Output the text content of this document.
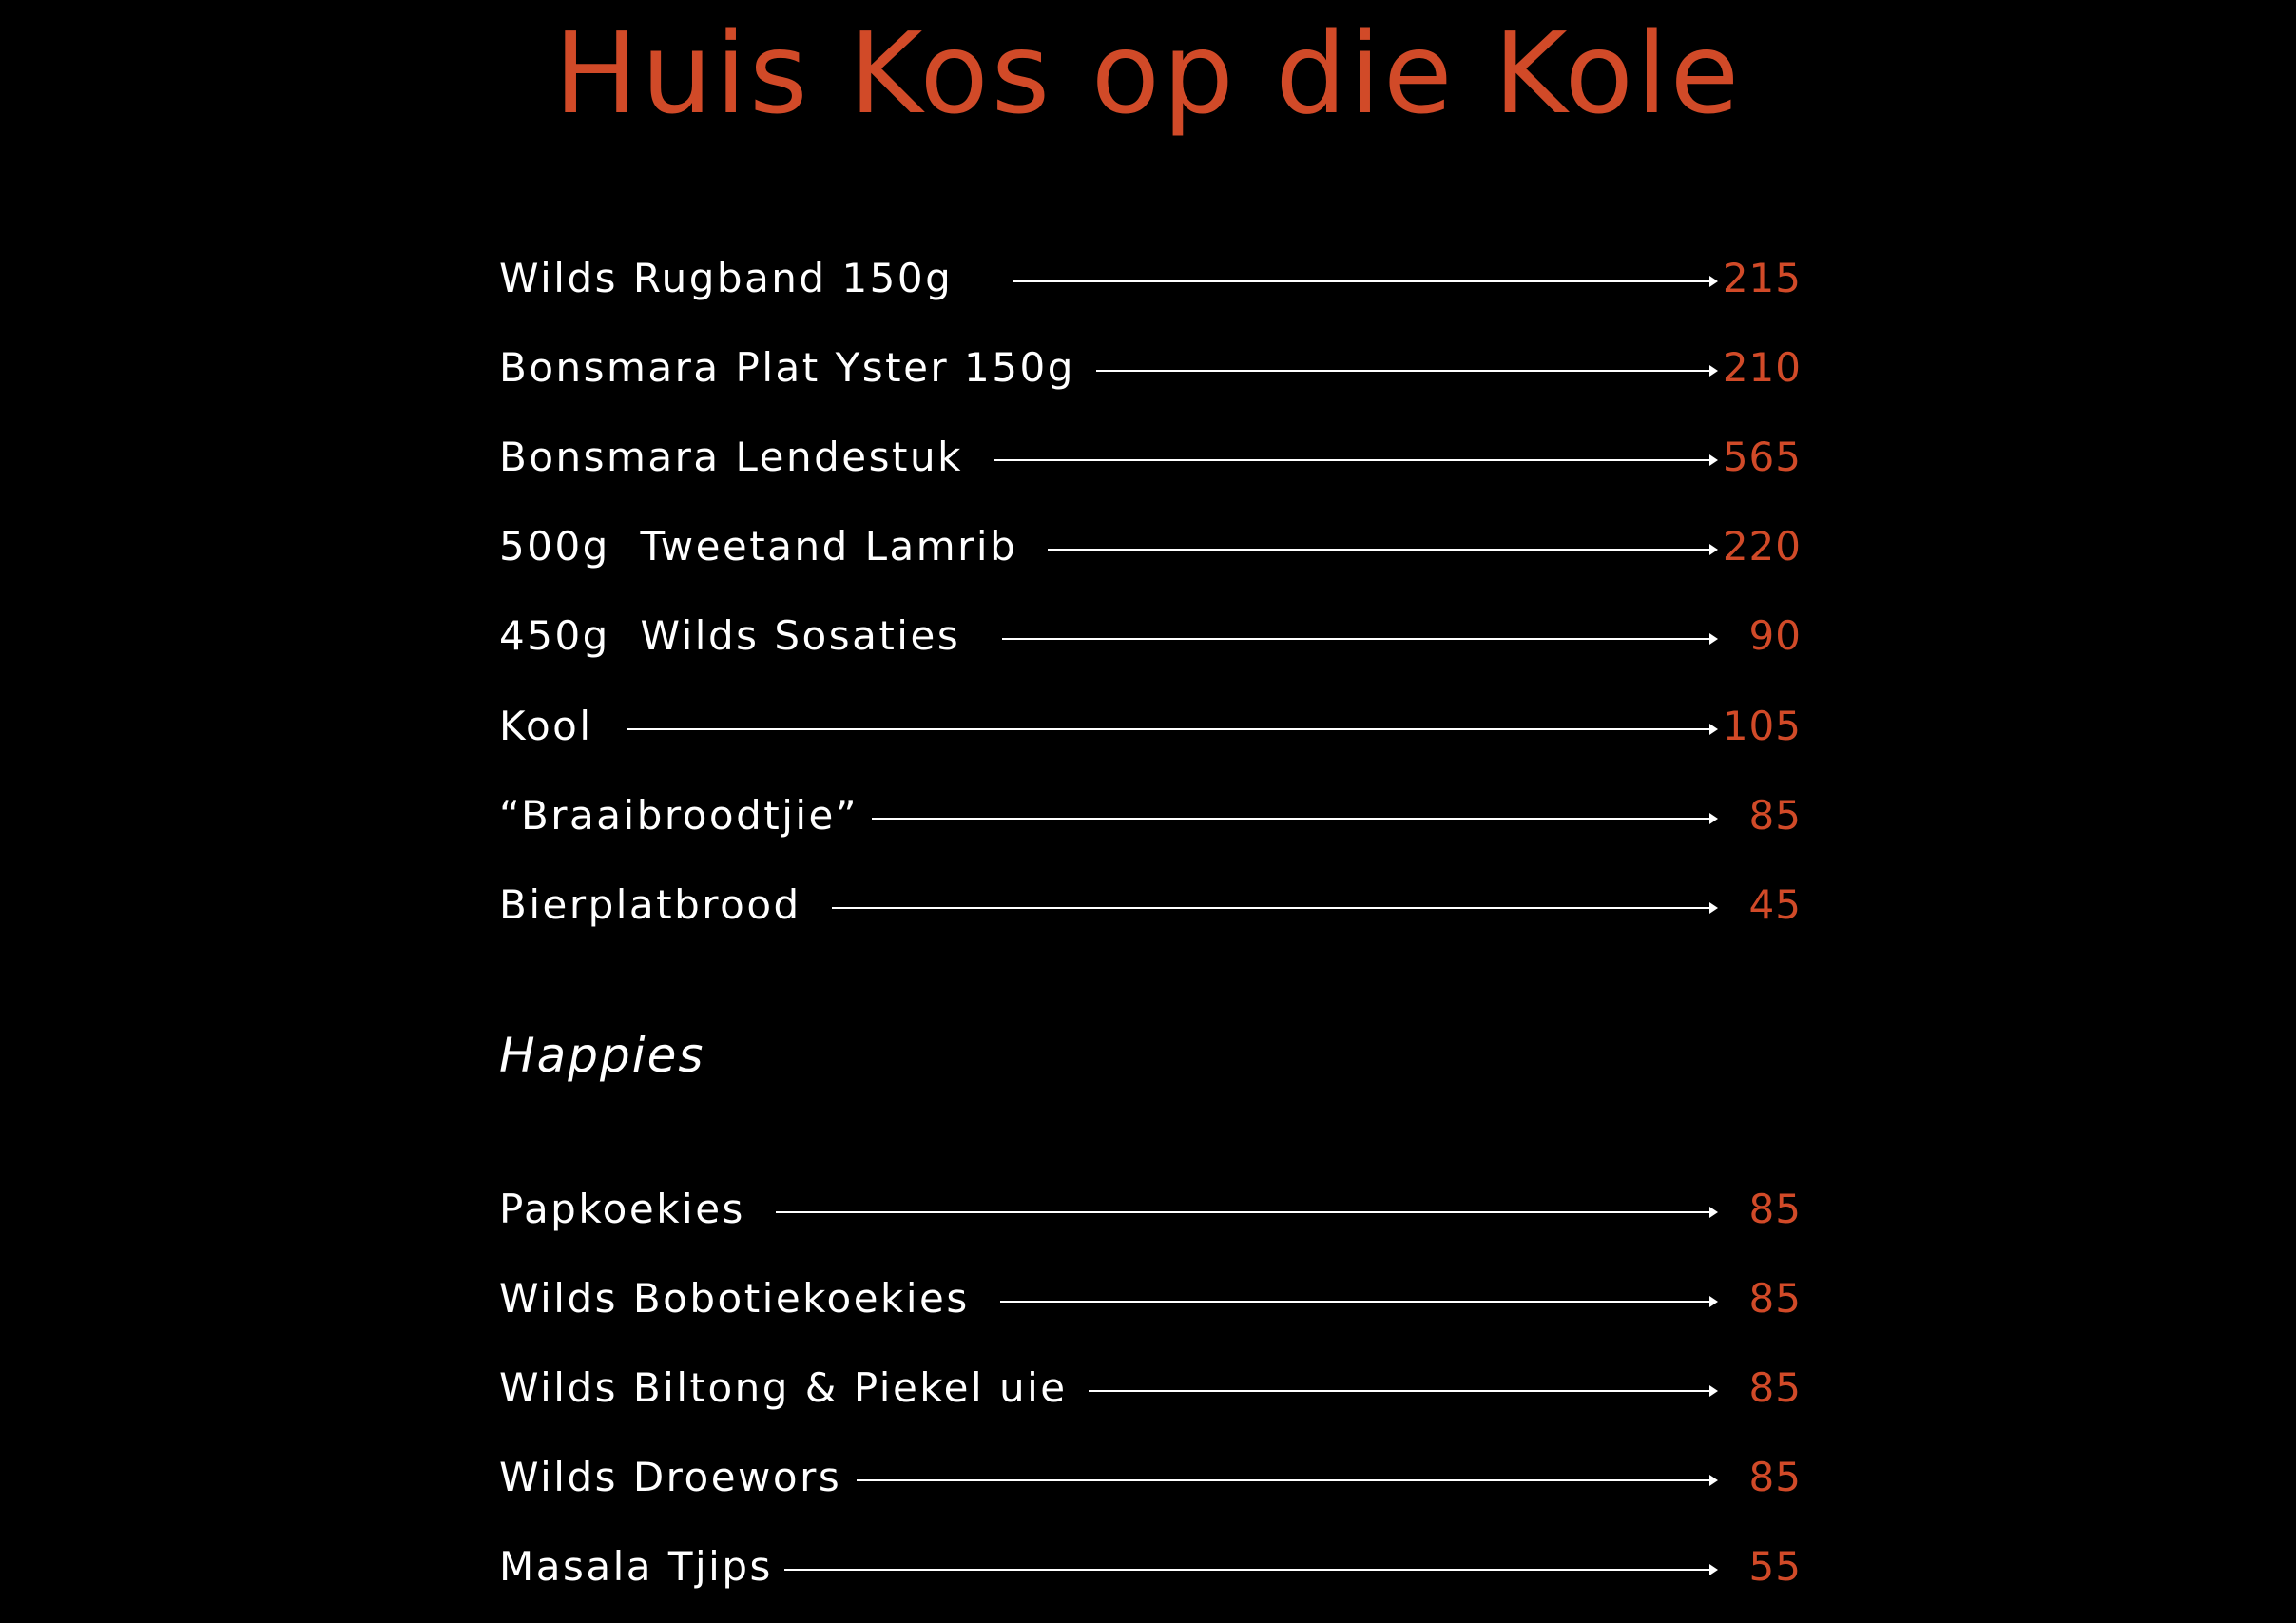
Huis Kos op die Kole
Wilds Rugband 150g	215
Bonsmara Plat Yster 150g	210
Bonsmara Lendestuk	565
500g  Tweetand Lamrib	220
450g  Wilds Sosaties	90
Kool	105
“Braaibroodtjie”	85
Bierplatbrood	45
Happies
Papkoekies	85
Wilds Bobotiekoekies	85
Wilds Biltong & Piekel uie	85
Wilds Droewors	85
Masala Tjips	55
